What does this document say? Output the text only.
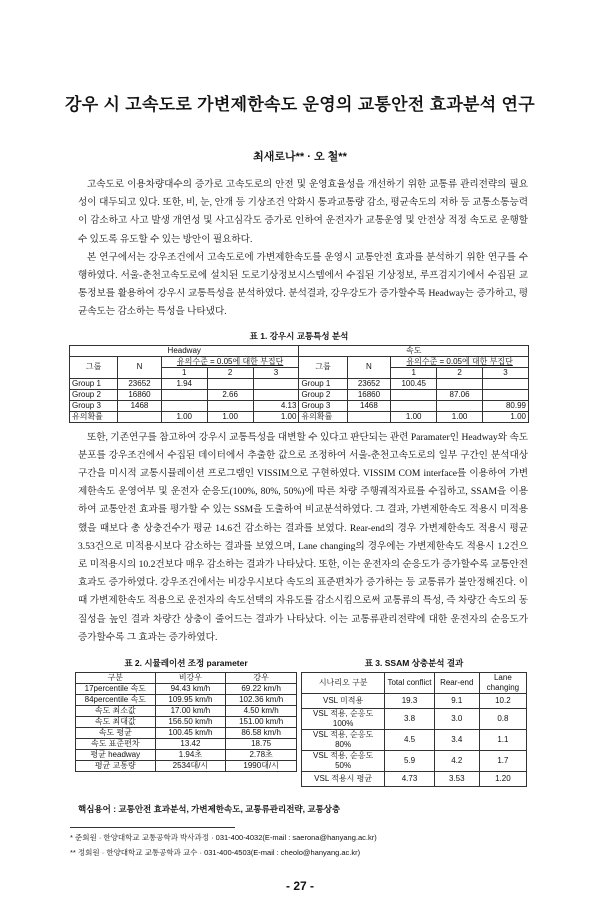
강우 시 고속도로 가변제한속도 운영의 교통안전 효과분석 연구
최새로나** · 오 철**

고속도로 이용차량대수의 증가로 고속도로의 안전 및 운영효율성을 개선하기 위한 교통류 관리전략의 필요성이 대두되고 있다. 또한, 비, 눈, 안개 등 기상조건 악화시 통과교통량 감소, 평균속도의 저하 등 교통소통능력이 감소하고 사고 발생 개연성 및 사고심각도 증가로 인하여 운전자가 교통운영 및 안전상 적정 속도로 운행할 수 있도록 유도할 수 있는 방안이 필요하다.

본 연구에서는 강우조건에서 고속도로에 가변제한속도를 운영시 교통안전 효과를 분석하기 위한 연구를 수행하였다. 서울-춘천고속도로에 설치된 도로기상정보시스템에서 수집된 기상정보, 루프검지기에서 수집된 교통정보를 활용하여 강우시 교통특성을 분석하였다. 분석결과, 강우강도가 증가할수록 Headway는 증가하고, 평균속도는 감소하는 특성을 나타냈다.

표 1. 강우시 교통특성 분석
Headway					속도				
그룹	N	유의수준 = 0.05에 대한 부집단			그룹	N	유의수준 = 0.05에 대한 부집단		
		1	2	3			1	2	3
Group 1	23652	1.94			Group 1	23652	100.45		
Group 2	16860		2.66		Group 2	16860		87.06	
Group 3	1468			4.13	Group 3	1468			80.99
유의확률		1.00	1.00	1.00	유의확률		1.00	1.00	1.00

또한, 기존연구를 참고하여 강우시 교통특성을 대변할 수 있다고 판단되는 관련 Paramater인 Headway와 속도분포를 강우조건에서 수집된 데이터에서 추출한 값으로 조정하여 서울-춘천고속도로의 일부 구간인 분석대상구간을 미시적 교통시뮬레이션 프로그램인 VISSIM으로 구현하였다. VISSIM COM interface를 이용하여 가변제한속도 운영여부 및 운전자 순응도(100%, 80%, 50%)에 따른 차량 주행궤적자료를 수집하고, SSAM을 이용하여 교통안전 효과를 평가할 수 있는 SSM을 도출하여 비교분석하였다. 그 결과, 가변제한속도 적용시 미적용했을 때보다 총 상충건수가 평균 14.6건 감소하는 결과를 보였다. Rear-end의 경우 가변제한속도 적용시 평균 3.53건으로 미적용시보다 감소하는 결과를 보였으며, Lane changing의 경우에는 가변제한속도 적용시 1.2건으로 미적용시의 10.2건보다 매우 감소하는 결과가 나타났다. 또한, 이는 운전자의 순응도가 증가할수록 교통안전 효과도 증가하였다. 강우조건에서는 비강우시보다 속도의 표준편차가 증가하는 등 교통류가 불안정해진다. 이때 가변제한속도 적용으로 운전자의 속도선택의 자유도를 감소시킴으로써 교통류의 특성, 즉 차량간 속도의 동질성을 높인 결과 차량간 상충이 줄어드는 결과가 나타났다. 이는 교통류관리전략에 대한 운전자의 순응도가 증가할수록 그 효과는 증가하였다.

표 2. 시뮬레이션 조정 parameter
구분	비강우	강우
17percentile 속도	94.43 km/h	69.22 km/h
84percentile 속도	109.95 km/h	102.36 km/h
속도 최소값	17.00 km/h	4.50 km/h
속도 최대값	156.50 km/h	151.00 km/h
속도 평균	100.45 km/h	86.58 km/h
속도 표준편차	13.42	18.75
평균 headway	1.94초	2.78초
평균 교통량	2534대/시	1990대/시
표 3. SSAM 상충분석 결과
시나리오 구분	Total conflict	Rear-end	Lane changing
VSL 미적용	19.3	9.1	10.2
VSL 적용, 순응도 100%	3.8	3.0	0.8
VSL 적용, 순응도 80%	4.5	3.4	1.1
VSL 적용, 순응도 50%	5.9	4.2	1.7
VSL 적용시 평균	4.73	3.53	1.20
핵심용어 : 교통안전 효과분석, 가변제한속도, 교통류관리전략, 교통상충
* 준회원 · 한양대학교 교통공학과 박사과정 · 031-400-4032(E-mail : saerona@hanyang.ac.kr)
** 정회원 · 한양대학교 교통공학과 교수 · 031-400-4503(E-mail : cheolo@hanyang.ac.kr)
- 27 -
